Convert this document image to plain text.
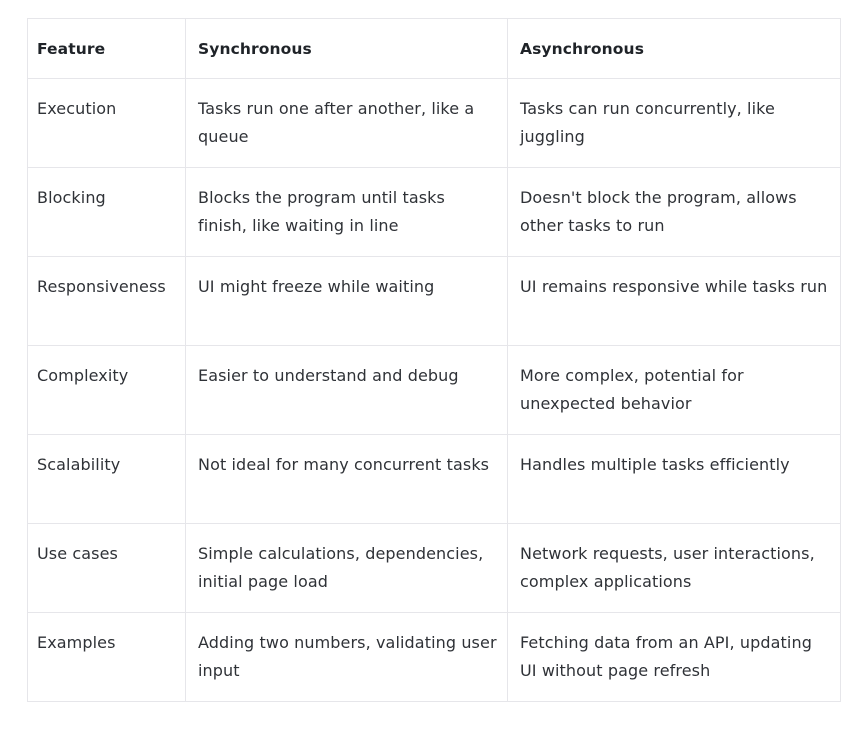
Feature	Synchronous	Asynchronous
Execution	Tasks run one after another, like a queue	Tasks can run concurrently, like juggling
Blocking	Blocks the program until tasks finish, like waiting in line	Doesn't block the program, allows other tasks to run
Responsiveness	UI might freeze while waiting	UI remains responsive while tasks run
Complexity	Easier to understand and debug	More complex, potential for unexpected behavior
Scalability	Not ideal for many concurrent tasks	Handles multiple tasks efficiently
Use cases	Simple calculations, dependencies, initial page load	Network requests, user interactions, complex applications
Examples	Adding two numbers, validating user input	Fetching data from an API, updating UI without page refresh
